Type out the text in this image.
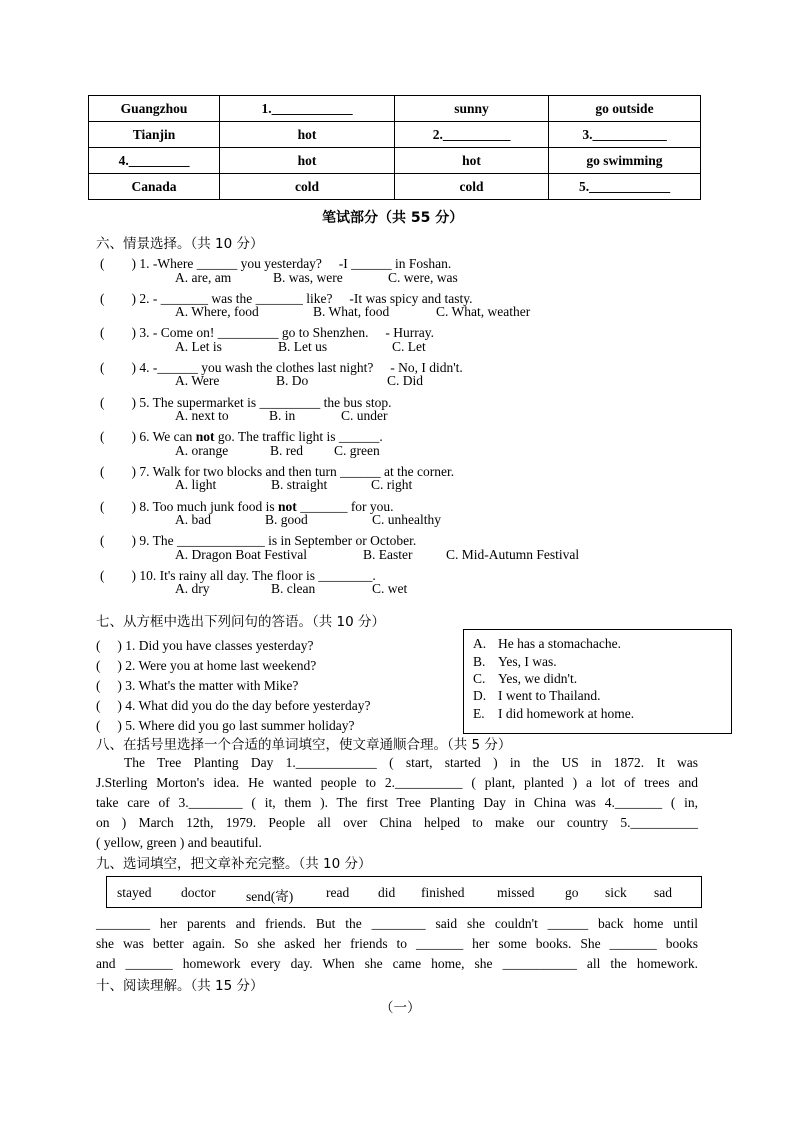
Guangzhou	1.____________	sunny	go outside
Tianjin	hot	2.__________	3.___________
4._________	hot	hot	go swimming
Canada	cold	cold	5.____________
笔试部分（共 55 分）
六、情景选择。（共 10 分）
(　　) 1. -Where ______ you yesterday?　 -I ______ in Foshan.
A. are, am	B. was, were	C. were, was
(　　) 2. - _______ was the _______ like?　 -It was spicy and tasty.
A. Where, food	B. What, food	C. What, weather
(　　) 3. - Come on! _________ go to Shenzhen.　 - Hurray.
A. Let is	B. Let us	C. Let
(　　) 4. -______ you wash the clothes last night?　 - No, I didn't.
A. Were	B. Do	C. Did
(　　) 5. The supermarket is _________ the bus stop.
A. next to	B. in	C. under
(　　) 6. We can not go. The traffic light is ______.
A. orange	B. red C. green
(　　) 7. Walk for two blocks and then turn ______ at the corner.
A. light	B. straight	C. right
(　　) 8. Too much junk food is not _______ for you.
A. bad	B. good	C. unhealthy
(　　) 9. The _____________ is in September or October.
A. Dragon Boat Festival	B. Easter C. Mid-Autumn Festival
(　　) 10. It's rainy all day. The floor is ________.
A. dry	B. clean	C. wet
七、从方框中选出下列问句的答语。（共 10 分）
(　 ) 1. Did you have classes yesterday?
(　 ) 2. Were you at home last weekend?
(　 ) 3. What's the matter with Mike?
(　 ) 4. What did you do the day before yesterday?
(　 ) 5. Where did you go last summer holiday?
A. He has a stomachache.
B. Yes, I was.
C. Yes, we didn't.
D. I went to Thailand.
E. I did homework at home.
八、在括号里选择一个合适的单词填空，使文章通顺合理。（共 5 分）
The Tree Planting Day 1.____________ ( start, started ) in the US in 1872. It was
J.Sterling Morton's idea. He wanted people to 2.__________ ( plant, planted ) a lot of trees and
take care of 3.________ ( it, them ). The first Tree Planting Day in China was 4._______ ( in,
on ) March 12th, 1979. People all over China helped to make our country 5.__________
( yellow, green ) and beautiful.
九、选词填空，把文章补充完整。（共 10 分）
stayed doctor send(寄) read did finished missed go sick sad
________ her parents and friends. But the ________ said she couldn't ______ back home until
she was better again. So she asked her friends to _______ her some books. She _______ books
and _______ homework every day. When she came home, she ___________ all the homework.
十、阅读理解。（共 15 分）
（一）
